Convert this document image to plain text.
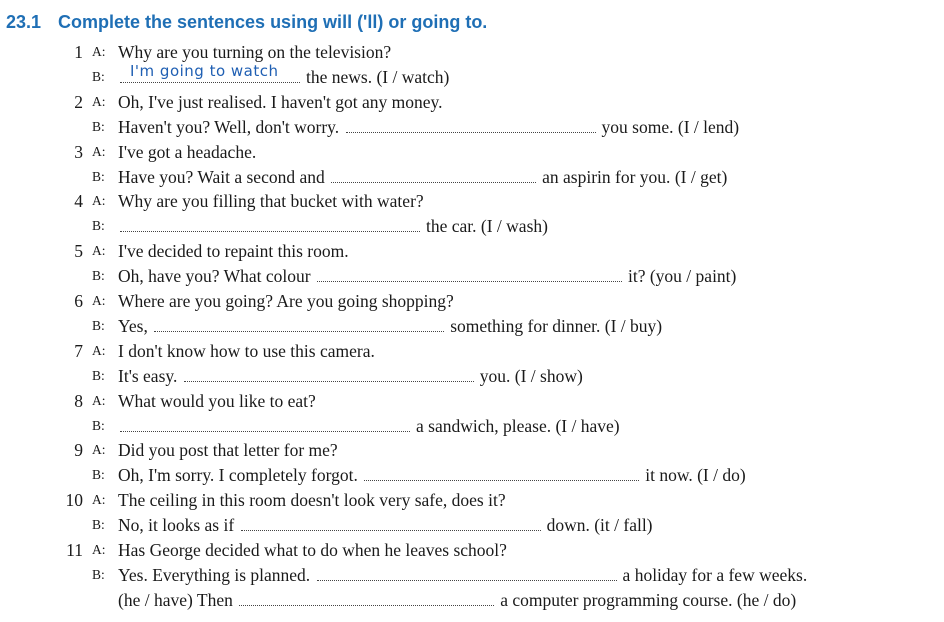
23.1 Complete the sentences using will ('ll) or going to.
1 A: Why are you turning on the television?
B: I'm going to watch the news. (I / watch)
2 A: Oh, I've just realised. I haven't got any money.
B: Haven't you? Well, don't worry.	you some. (I / lend)
3 A: I've got a headache.
B: Have you? Wait a second and	an aspirin for you. (I / get)
4 A: Why are you filling that bucket with water?
B:	the car. (I / wash)
5 A: I've decided to repaint this room.
B: Oh, have you? What colour	it? (you / paint)
6 A: Where are you going? Are you going shopping?
B: Yes,	something for dinner. (I / buy)
7 A: I don't know how to use this camera.
B: It's easy.	you. (I / show)
8 A: What would you like to eat?
B:	a sandwich, please. (I / have)
9 A: Did you post that letter for me?
B: Oh, I'm sorry. I completely forgot.	it now. (I / do)
10 A: The ceiling in this room doesn't look very safe, does it?
B: No, it looks as if	down. (it / fall)
11 A: Has George decided what to do when he leaves school?
B: Yes. Everything is planned.	a holiday for a few weeks.
(he / have) Then	a computer programming course. (he / do)
